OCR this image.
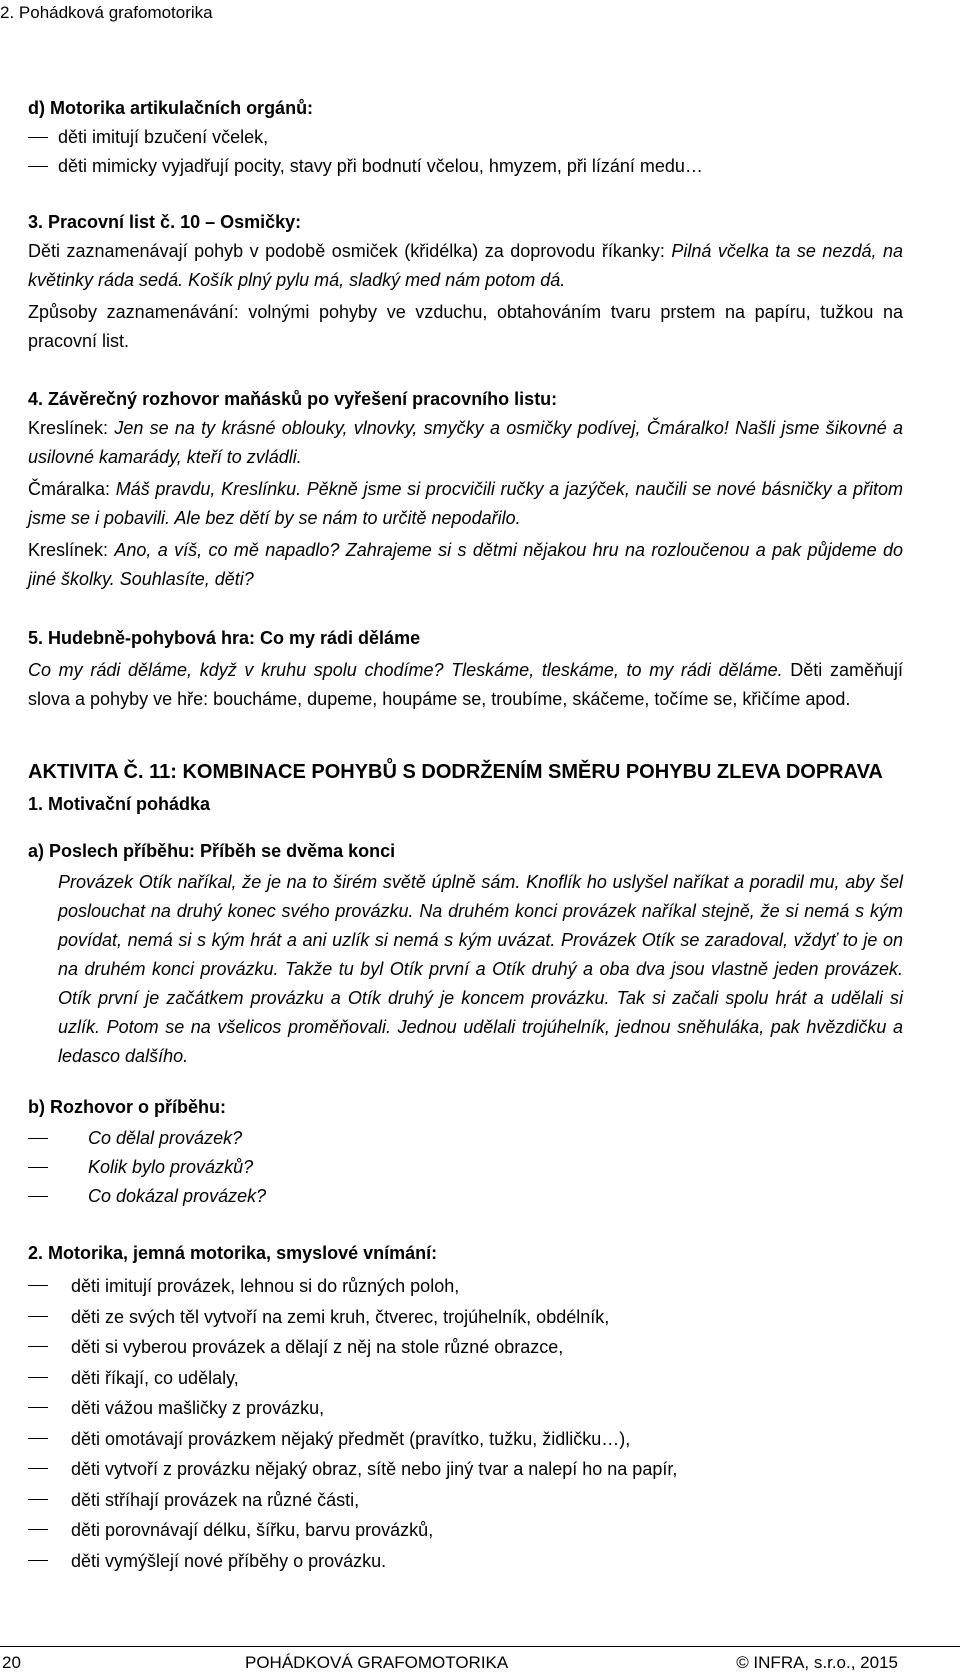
2. Pohádková grafomotorika
d) Motorika artikulačních orgánů:
děti imitují bzučení včelek,
děti mimicky vyjadřují pocity, stavy při bodnutí včelou, hmyzem, při lízání medu…
3. Pracovní list č. 10 – Osmičky:
Děti zaznamenávají pohyb v podobě osmiček (křidélka) za doprovodu říkanky: Pilná včelka ta se nezdá, na květinky ráda sedá. Košík plný pylu má, sladký med nám potom dá.
Způsoby zaznamenávání: volnými pohyby ve vzduchu, obtahováním tvaru prstem na papíru, tužkou na pracovní list.
4. Závěrečný rozhovor maňásků po vyřešení pracovního listu:
Kreslínek: Jen se na ty krásné oblouky, vlnovky, smyčky a osmičky podívej, Čmáralko! Našli jsme šikovné a usilovné kamarády, kteří to zvládli.
Čmáralka: Máš pravdu, Kreslínku. Pěkně jsme si procvičili ručky a jazýček, naučili se nové básničky a přitom jsme se i pobavili. Ale bez dětí by se nám to určitě nepodařilo.
Kreslínek: Ano, a víš, co mě napadlo? Zahrajeme si s dětmi nějakou hru na rozloučenou a pak půjdeme do jiné školky. Souhlasíte, děti?
5. Hudebně-pohybová hra: Co my rádi děláme
Co my rádi děláme, když v kruhu spolu chodíme? Tleskáme, tleskáme, to my rádi děláme. Děti zaměňují slova a pohyby ve hře: boucháme, dupeme, houpáme se, troubíme, skáčeme, točíme se, křičíme apod.
AKTIVITA Č. 11: KOMBINACE POHYBŮ S DODRŽENÍM SMĚRU POHYBU ZLEVA DOPRAVA
1. Motivační pohádka
a) Poslech příběhu: Příběh se dvěma konci
Provázek Otík naříkal, že je na to širém světě úplně sám. Knoflík ho uslyšel naříkat a poradil mu, aby šel poslouchat na druhý konec svého provázku. Na druhém konci provázek naříkal stejně, že si nemá s kým povídat, nemá si s kým hrát a ani uzlík si nemá s kým uvázat. Provázek Otík se zaradoval, vždyť to je on na druhém konci provázku. Takže tu byl Otík první a Otík druhý a oba dva jsou vlastně jeden provázek. Otík první je začátkem provázku a Otík druhý je koncem provázku. Tak si začali spolu hrát a udělali si uzlík. Potom se na všelicos proměňovali. Jednou udělali trojúhelník, jednou sněhuláka, pak hvězdičku a ledasco dalšího.
b) Rozhovor o příběhu:
Co dělal provázek?
Kolik bylo provázků?
Co dokázal provázek?
2. Motorika, jemná motorika, smyslové vnímání:
děti imitují provázek, lehnou si do různých poloh,
děti ze svých těl vytvoří na zemi kruh, čtverec, trojúhelník, obdélník,
děti si vyberou provázek a dělají z něj na stole různé obrazce,
děti říkají, co udělaly,
děti vážou mašličky z provázku,
děti omotávají provázkem nějaký předmět (pravítko, tužku, židličku…),
děti vytvoří z provázku nějaký obraz, sítě nebo jiný tvar a nalepí ho na papír,
děti stříhají provázek na různé části,
děti porovnávají délku, šířku, barvu provázků,
děti vymýšlejí nové příběhy o provázku.
20	POHÁDKOVÁ GRAFOMOTORIKA	© INFRA, s.r.o., 2015
